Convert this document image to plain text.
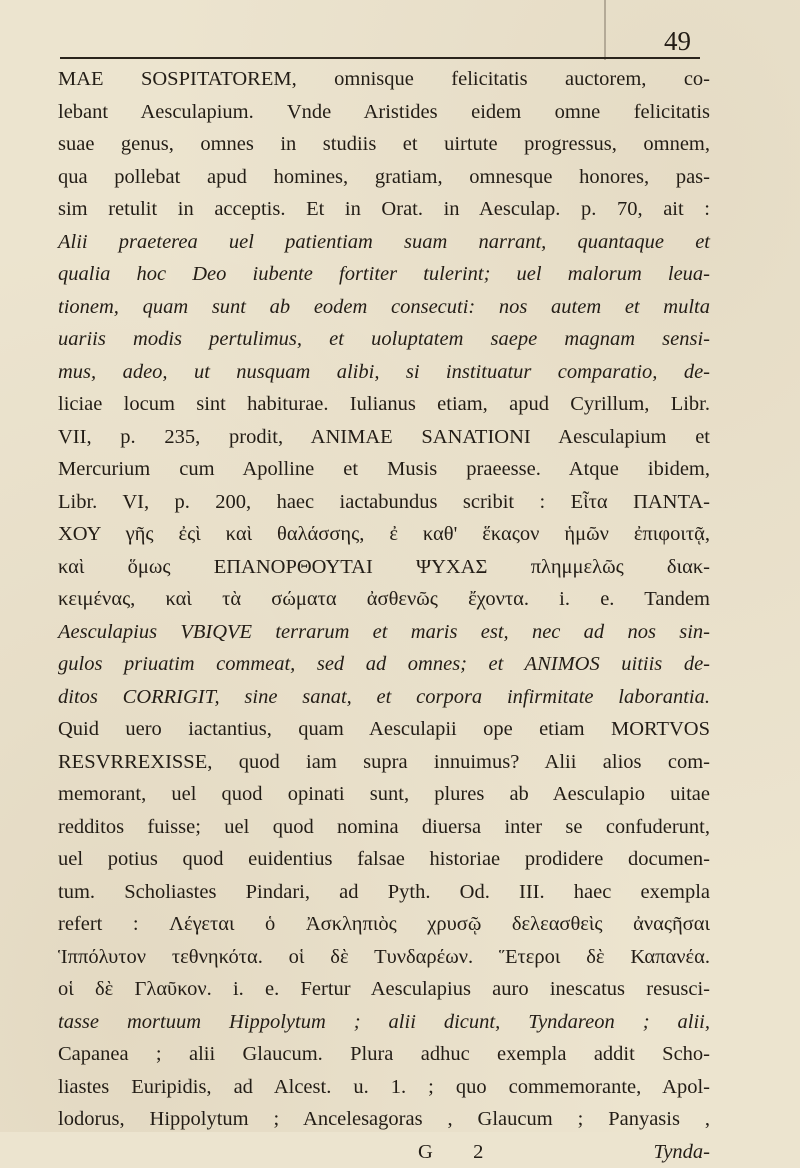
49
MAE SOSPITATOREM, omnisque felicitatis auctorem, co-
lebant Aesculapium. Vnde Aristides eidem omne felicitatis
suae genus, omnes in studiis et uirtute progressus, omnem,
qua pollebat apud homines, gratiam, omnesque honores, pas-
sim retulit in acceptis. Et in Orat. in Aesculap. p. 70, ait :
Alii praeterea uel patientiam suam narrant, quantaque et
qualia hoc Deo iubente fortiter tulerint; uel malorum leua-
tionem, quam sunt ab eodem consecuti: nos autem et multa
uariis modis pertulimus, et uoluptatem saepe magnam sensi-
mus, adeo, ut nusquam alibi, si instituatur comparatio, de-
liciae locum sint habiturae. Iulianus etiam, apud Cyrillum, Libr.
VII, p. 235, prodit, ANIMAE SANATIONI Aesculapium et
Mercurium cum Apolline et Musis praeesse. Atque ibidem,
Libr. VI, p. 200, haec iactabundus scribit : Εἶτα ΠΑΝΤΑ-
ΧΟΥ γῆς ἐςὶ καὶ θαλάσσης, ἐ καθ' ἕκαςον ἡμῶν ἐπιφοιτᾷ,
καὶ ὅμως ΕΠΑΝΟΡΘΟΥΤΑΙ ΨΥΧΑΣ πλημμελῶς διακ-
κειμένας, καὶ τὰ σώματα ἀσθενῶς ἔχοντα. i. e. Tandem
Aesculapius VBIQVE terrarum et maris est, nec ad nos sin-
gulos priuatim commeat, sed ad omnes; et ANIMOS uitiis de-
ditos CORRIGIT, sine sanat, et corpora infirmitate laborantia.
Quid uero iactantius, quam Aesculapii ope etiam MORTVOS
RESVRREXISSE, quod iam supra innuimus? Alii alios com-
memorant, uel quod opinati sunt, plures ab Aesculapio uitae
redditos fuisse; uel quod nomina diuersa inter se confuderunt,
uel potius quod euidentius falsae historiae prodidere documen-
tum. Scholiastes Pindari, ad Pyth. Od. III. haec exempla
refert : Λέγεται ὁ Ἀσκληπιὸς χρυσῷ δελεασθεὶς ἀναςῆσαι
Ἱππόλυτον τεθνηκότα. οἱ δὲ Τυνδαρέων. Ἕτεροι δὲ Καπανέα.
οἱ δὲ Γλαῦκον. i. e. Fertur Aesculapius auro inescatus resusci-
tasse mortuum Hippolytum ; alii dicunt, Tyndareon ; alii,
Capanea ; alii Glaucum. Plura adhuc exempla addit Scho-
liastes Euripidis, ad Alcest. u. 1. ; quo commemorante, Apol-
lodorus, Hippolytum ; Ancelesagoras , Glaucum ; Panyasis ,
G 2	Tynda-
